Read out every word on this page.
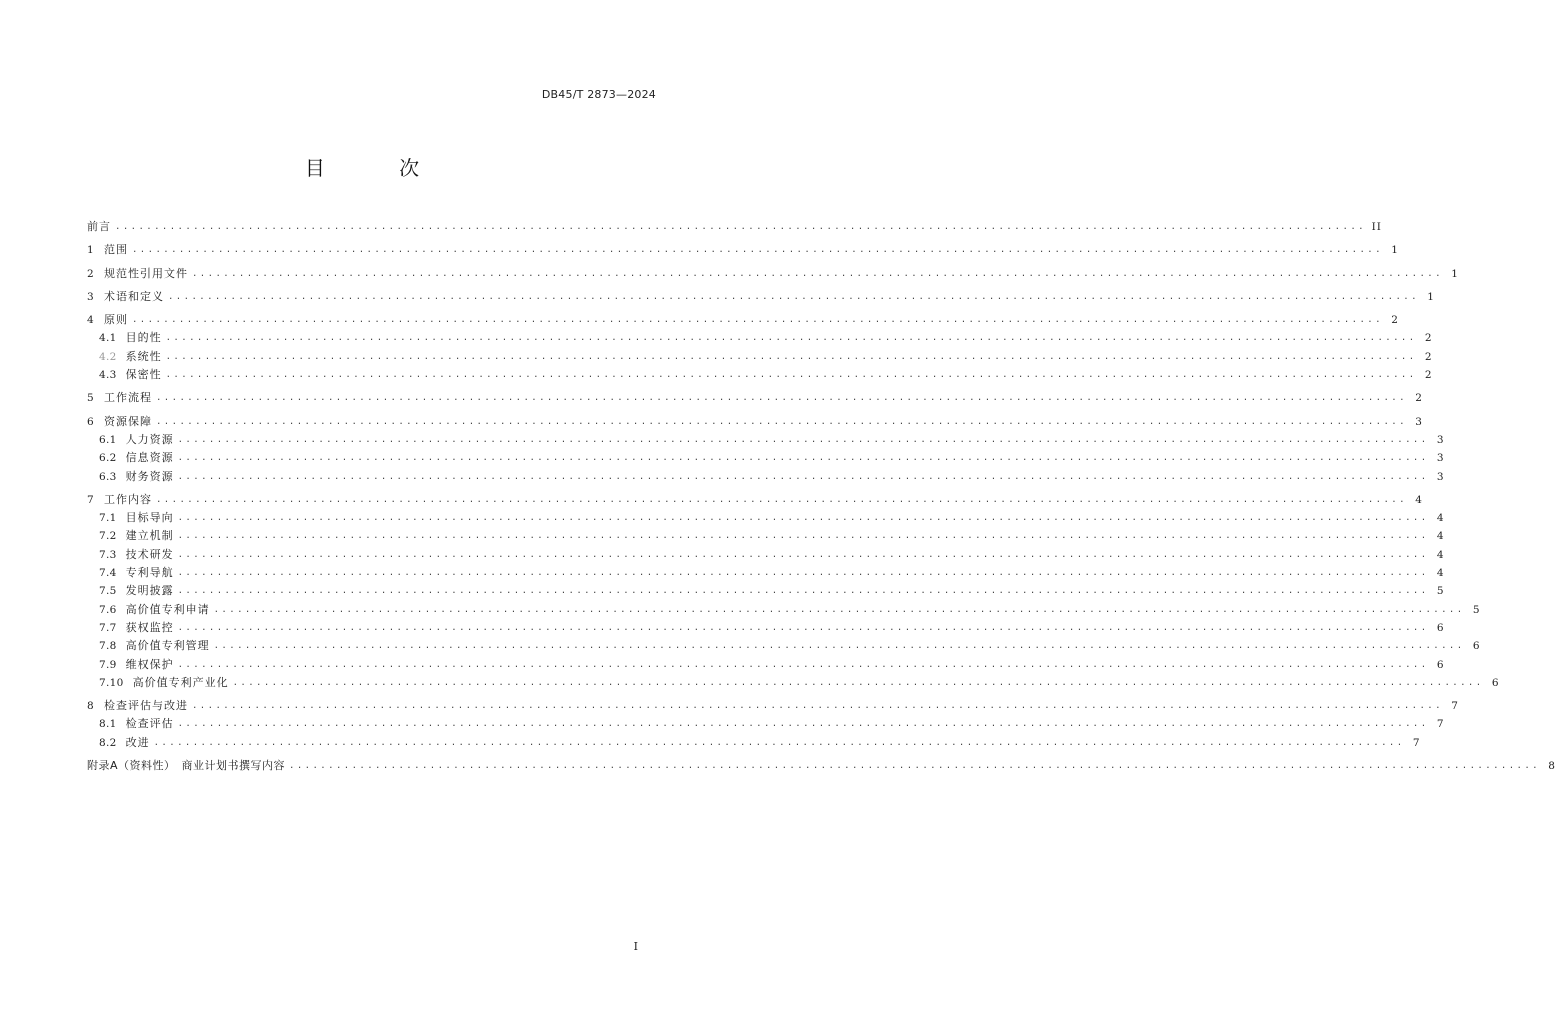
DB45/T 2873—2024
目 次
前言 ................................................................................................................................................................ II
1 范围 ................................................................................................................................................................ 1
2 规范性引用文件 ................................................................................................................................................................ 1
3 术语和定义 ................................................................................................................................................................ 1
4 原则 ................................................................................................................................................................ 2
4.1 目的性 ................................................................................................................................................................ 2
4.2 系统性 ................................................................................................................................................................ 2
4.3 保密性 ................................................................................................................................................................ 2
5 工作流程 ................................................................................................................................................................ 2
6 资源保障 ................................................................................................................................................................ 3
6.1 人力资源 ................................................................................................................................................................ 3
6.2 信息资源 ................................................................................................................................................................ 3
6.3 财务资源 ................................................................................................................................................................ 3
7 工作内容 ................................................................................................................................................................ 4
7.1 目标导向 ................................................................................................................................................................ 4
7.2 建立机制 ................................................................................................................................................................ 4
7.3 技术研发 ................................................................................................................................................................ 4
7.4 专利导航 ................................................................................................................................................................ 4
7.5 发明披露 ................................................................................................................................................................ 5
7.6 高价值专利申请 ................................................................................................................................................................ 5
7.7 获权监控 ................................................................................................................................................................ 6
7.8 高价值专利管理 ................................................................................................................................................................ 6
7.9 维权保护 ................................................................................................................................................................ 6
7.10 高价值专利产业化 ................................................................................................................................................................ 6
8 检查评估与改进 ................................................................................................................................................................ 7
8.1 检查评估 ................................................................................................................................................................ 7
8.2 改进 ................................................................................................................................................................ 7
附录A（资料性）　商业计划书撰写内容 ................................................................................................................................................................ 8
I
